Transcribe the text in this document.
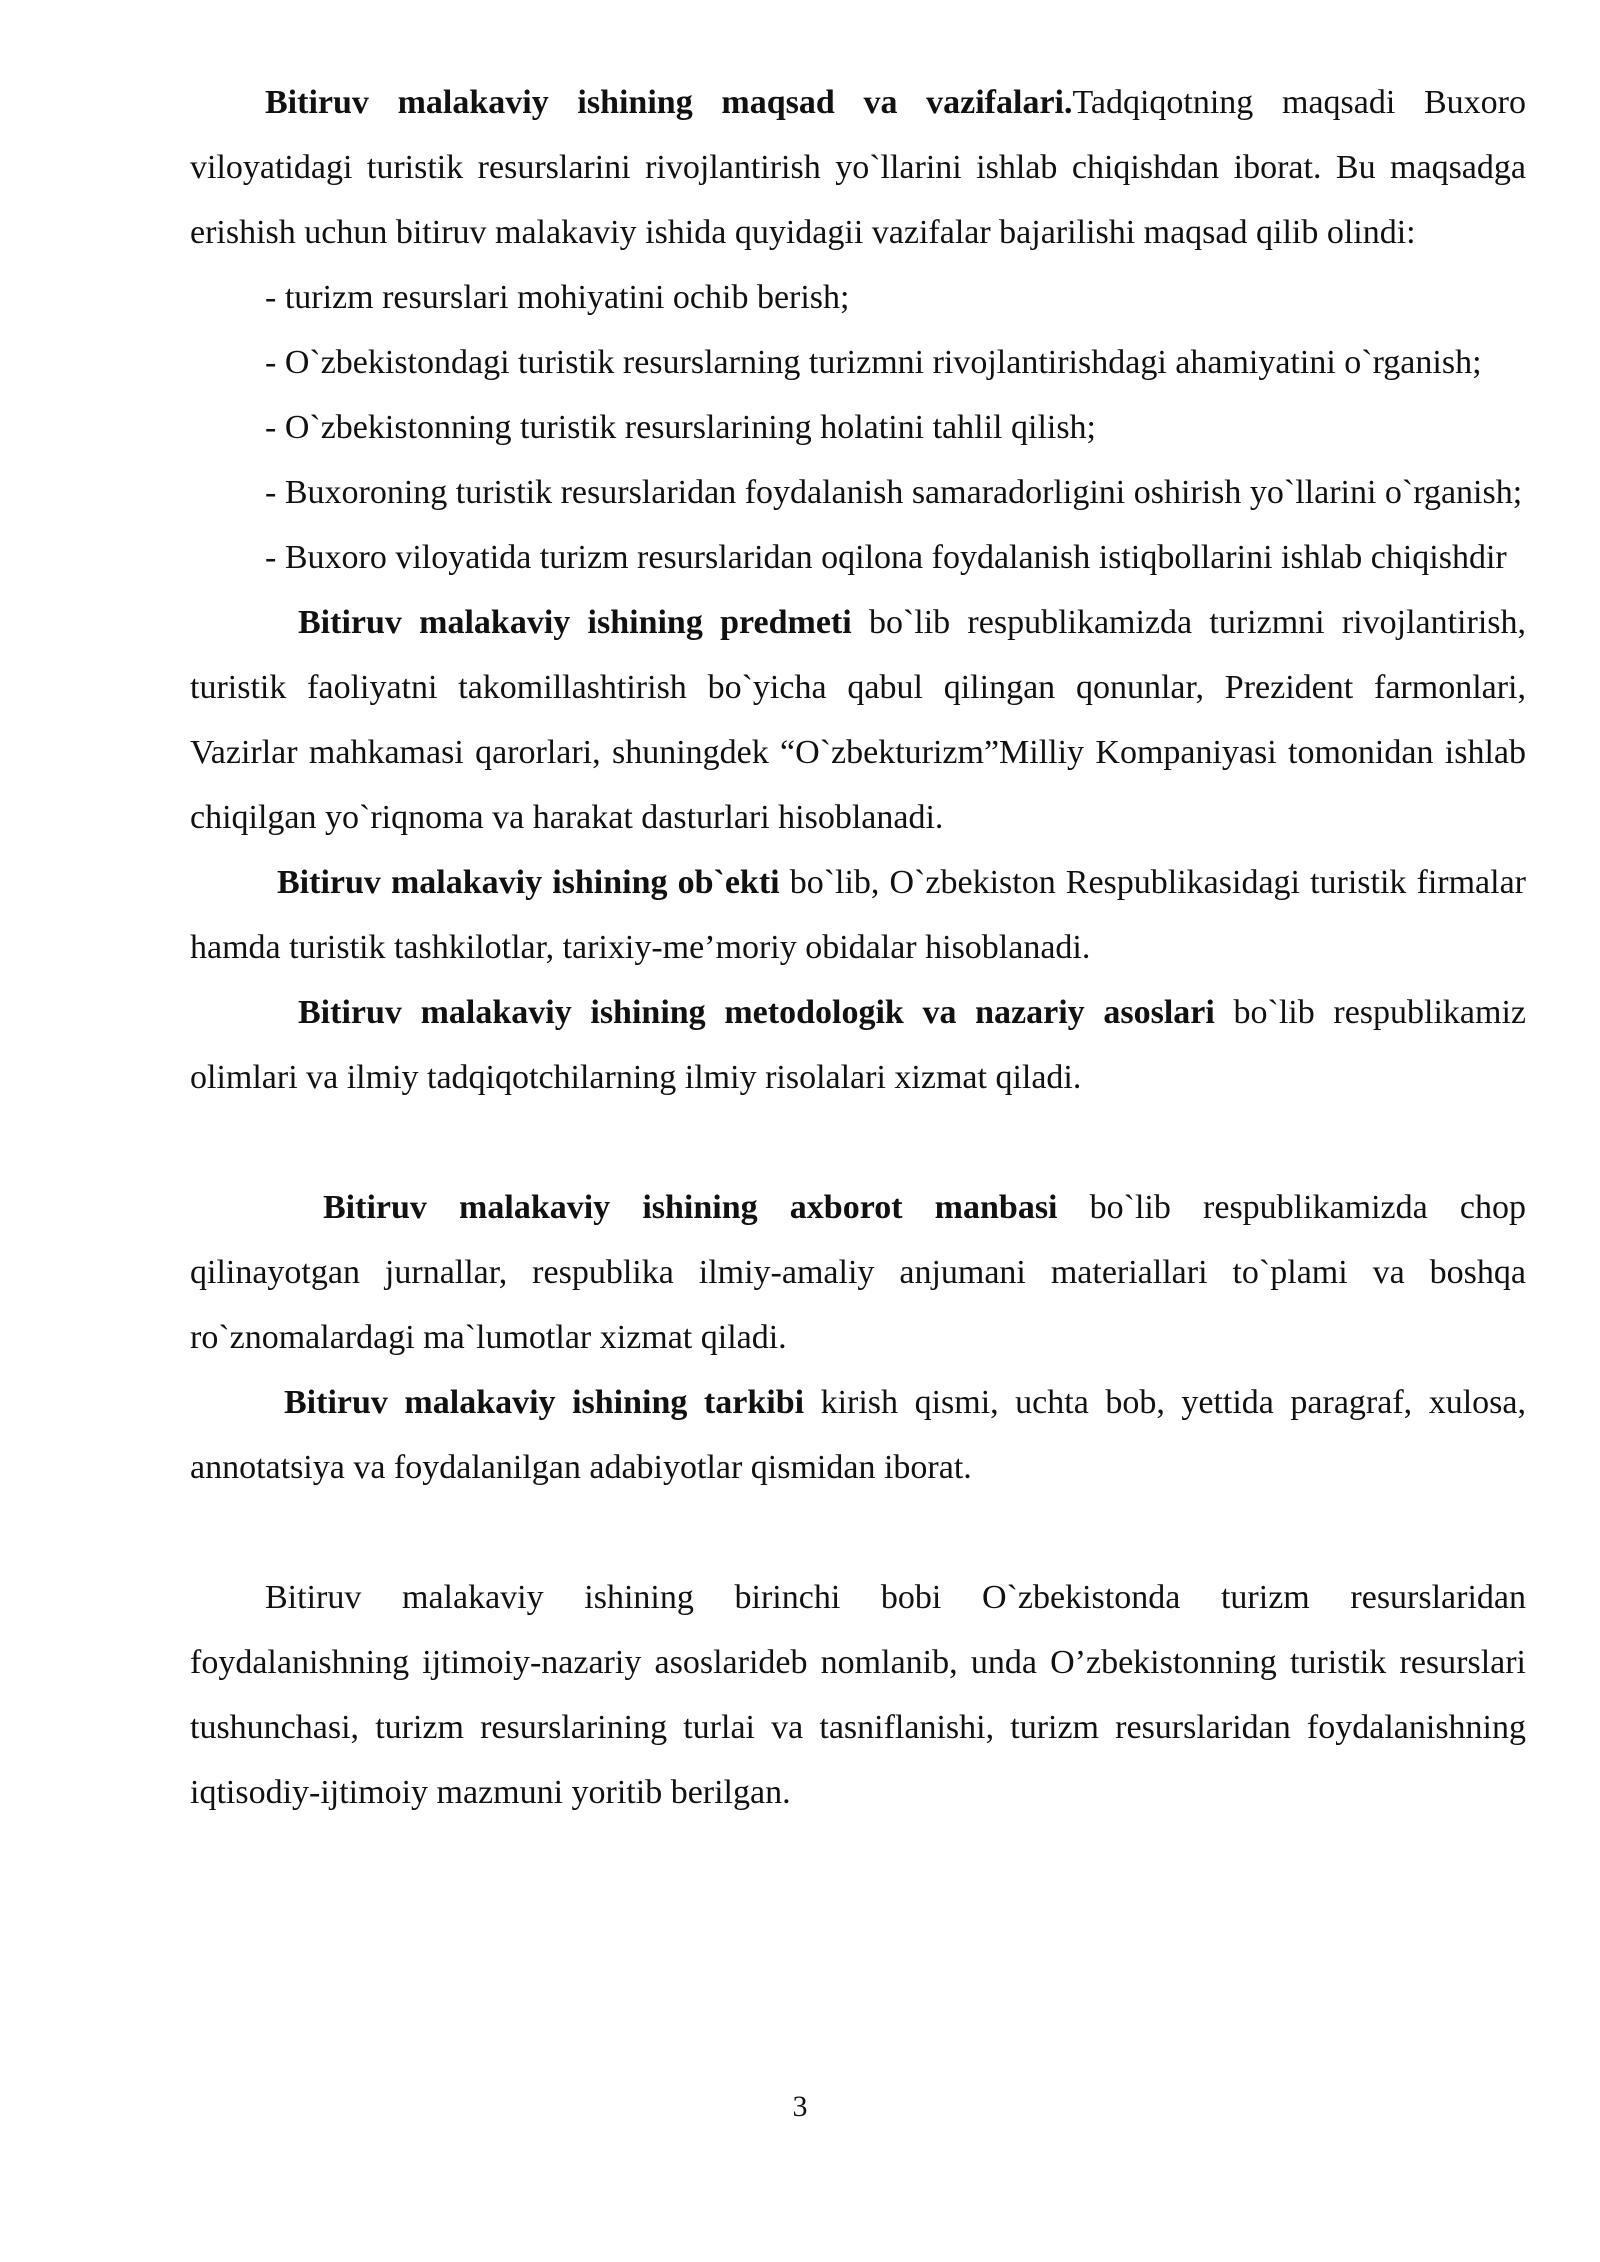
Bitiruv malakaviy ishining maqsad va vazifalari.Tadqiqotning maqsadi Buxoro viloyatidagi turistik resurslarini rivojlantirish yo`llarini ishlab chiqishdan iborat. Bu maqsadga erishish uchun bitiruv malakaviy ishida quyidagii vazifalar bajarilishi maqsad qilib olindi:

- turizm resurslari mohiyatini ochib berish;

- O`zbekistondagi turistik resurslarning turizmni rivojlantirishdagi ahamiyatini o`rganish;

- O`zbekistonning turistik resurslarining holatini tahlil qilish;

- Buxoroning turistik resurslaridan foydalanish samaradorligini oshirish yo`llarini o`rganish;

- Buxoro viloyatida turizm resurslaridan oqilona foydalanish istiqbollarini ishlab chiqishdir

Bitiruv malakaviy ishining predmeti bo`lib respublikamizda turizmni rivojlantirish, turistik faoliyatni takomillashtirish bo`yicha qabul qilingan qonunlar, Prezident farmonlari, Vazirlar mahkamasi qarorlari, shuningdek “O`zbekturizm”Milliy Kompaniyasi tomonidan ishlab chiqilgan yo`riqnoma va harakat dasturlari hisoblanadi.

Bitiruv malakaviy ishining ob`ekti bo`lib, O`zbekiston Respublikasidagi turistik firmalar hamda turistik tashkilotlar, tarixiy-me’moriy obidalar hisoblanadi.

Bitiruv malakaviy ishining metodologik va nazariy asoslari bo`lib respublikamiz olimlari va ilmiy tadqiqotchilarning ilmiy risolalari xizmat qiladi.

Bitiruv malakaviy ishining axborot manbasi bo`lib respublikamizda chop qilinayotgan jurnallar, respublika ilmiy-amaliy anjumani materiallari to`plami va boshqa ro`znomalardagi ma`lumotlar xizmat qiladi.

Bitiruv malakaviy ishining tarkibi kirish qismi, uchta bob, yettida paragraf, xulosa, annotatsiya va foydalanilgan adabiyotlar qismidan iborat.

Bitiruv malakaviy ishining birinchi bobi O`zbekistonda turizm resurslaridan foydalanishning ijtimoiy-nazariy asoslarideb nomlanib, unda O’zbekistonning turistik resurslari tushunchasi, turizm resurslarining turlai va tasniflanishi, turizm resurslaridan foydalanishning iqtisodiy-ijtimoiy mazmuni yoritib berilgan.

3
